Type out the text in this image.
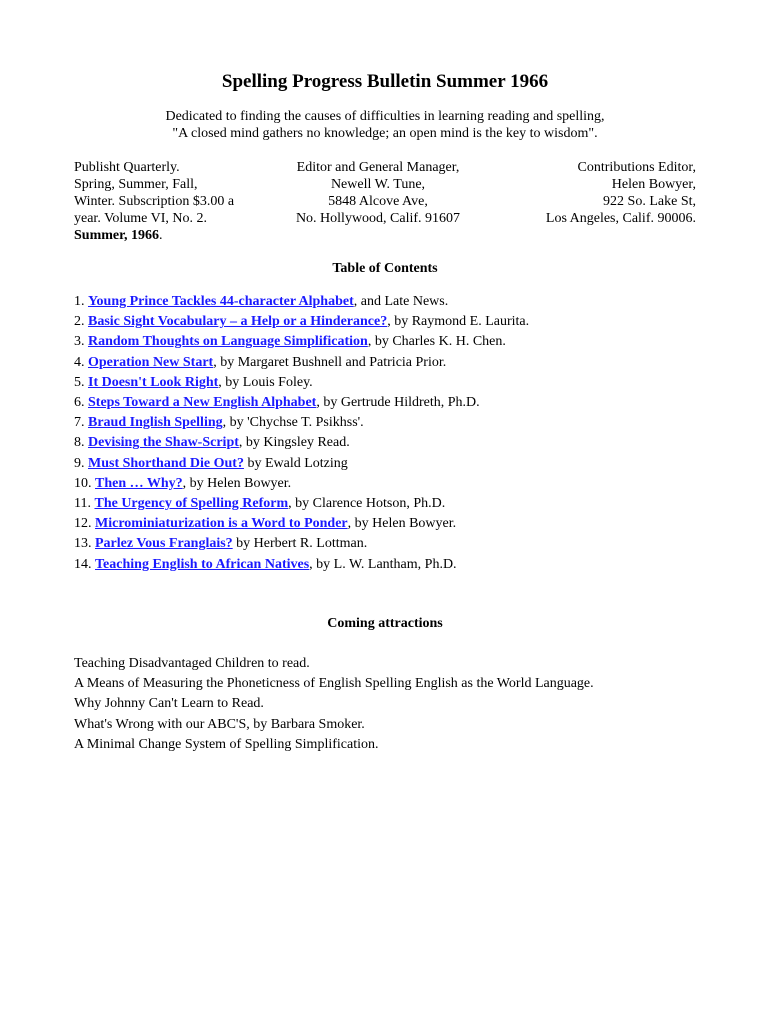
Spelling Progress Bulletin Summer 1966
Dedicated to finding the causes of difficulties in learning reading and spelling,
"A closed mind gathers no knowledge; an open mind is the key to wisdom".
Publisht Quarterly.
Spring, Summer, Fall,
Winter. Subscription $3.00 a
year. Volume VI, No. 2.
Summer, 1966.
Editor and General Manager,
Newell W. Tune,
5848 Alcove Ave,
No. Hollywood, Calif. 91607
Contributions Editor,
Helen Bowyer,
922 So. Lake St,
Los Angeles, Calif. 90006.
Table of Contents
1. Young Prince Tackles 44-character Alphabet, and Late News.
2. Basic Sight Vocabulary – a Help or a Hinderance?, by Raymond E. Laurita.
3. Random Thoughts on Language Simplification, by Charles K. H. Chen.
4. Operation New Start, by Margaret Bushnell and Patricia Prior.
5. It Doesn't Look Right, by Louis Foley.
6. Steps Toward a New English Alphabet, by Gertrude Hildreth, Ph.D.
7. Braud Inglish Spelling, by 'Chychse T. Psikhss'.
8. Devising the Shaw-Script, by Kingsley Read.
9. Must Shorthand Die Out? by Ewald Lotzing
10. Then … Why?, by Helen Bowyer.
11. The Urgency of Spelling Reform, by Clarence Hotson, Ph.D.
12. Microminiaturization is a Word to Ponder, by Helen Bowyer.
13. Parlez Vous Franglais? by Herbert R. Lottman.
14. Teaching English to African Natives, by L. W. Lantham, Ph.D.
Coming attractions
Teaching Disadvantaged Children to read.
A Means of Measuring the Phoneticness of English Spelling English as the World Language.
Why Johnny Can't Learn to Read.
What's Wrong with our ABC'S, by Barbara Smoker.
A Minimal Change System of Spelling Simplification.
